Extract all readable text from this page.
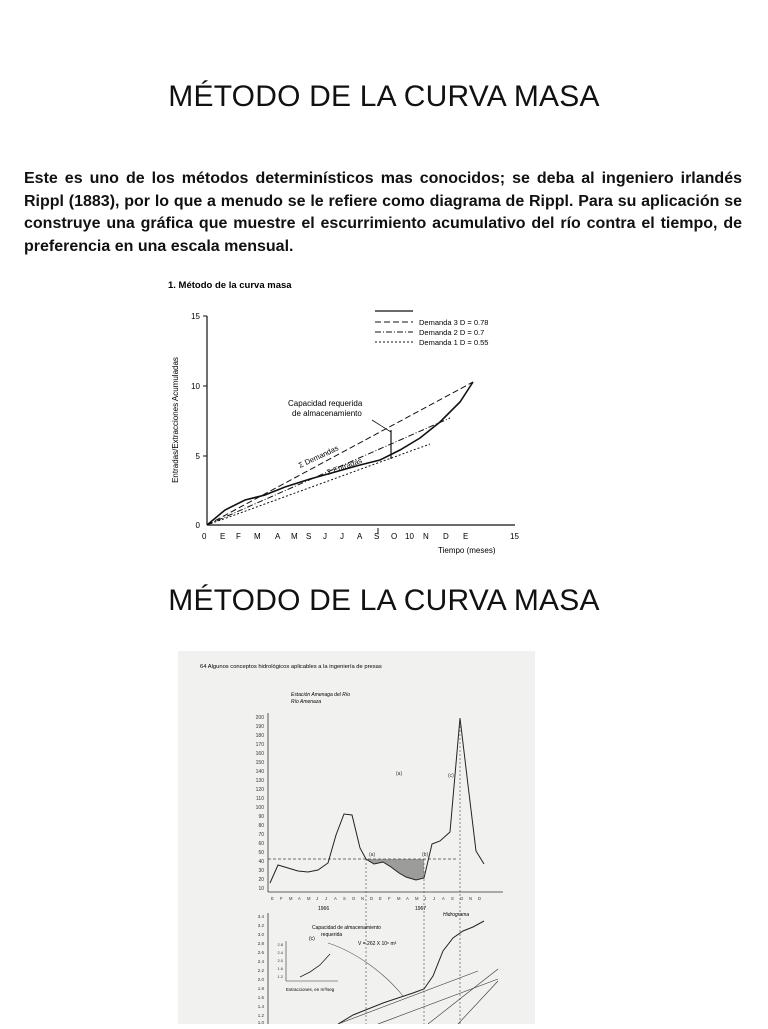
MÉTODO DE LA CURVA MASA
Este es uno de los métodos determinísticos mas conocidos; se deba al ingeniero irlandés Rippl (1883), por lo que a menudo se le refiere como diagrama de Rippl. Para su aplicación se construye una gráfica que muestre el escurrimiento acumulativo del río contra el tiempo, de preferencia en una escala mensual.
1. Método de la curva masa
Demanda 3 D = 0.78
Demanda 2 D = 0.7
Demanda 1 D = 0.55
0
5
10
15
Entradas/Extracciones Acumuladas
0 E F M A M S J J A S O 10 N D E	15
Tiempo (meses)
Capacidad requerida
de almacenamiento
Σ Demandas
Σ Entradas
MÉTODO DE LA CURVA MASA
64 Algunos conceptos hidrológicos aplicables a la ingeniería de presas
Estación Amenaga del Río
Río Amenaza
200
190
180
170
160
150
140
130
120
110
100
90
80
70
60
50
40
30
20
10
(a)
(a)	(b)
(c)
E F M A M J J A S O N D E F M A M J J A S O N D
1966	1967
Hidrograma
Capacidad de almacenamiento
requerida
V = 262 X 10⁶ m³
3.4
3.2
3.0
2.8
2.6
2.4
2.2
2.0
1.8
1.6
1.4
1.2
1.0
(c)
2.8
2.4
2.0
1.6
1.2
Extracciones, en m³/seg
